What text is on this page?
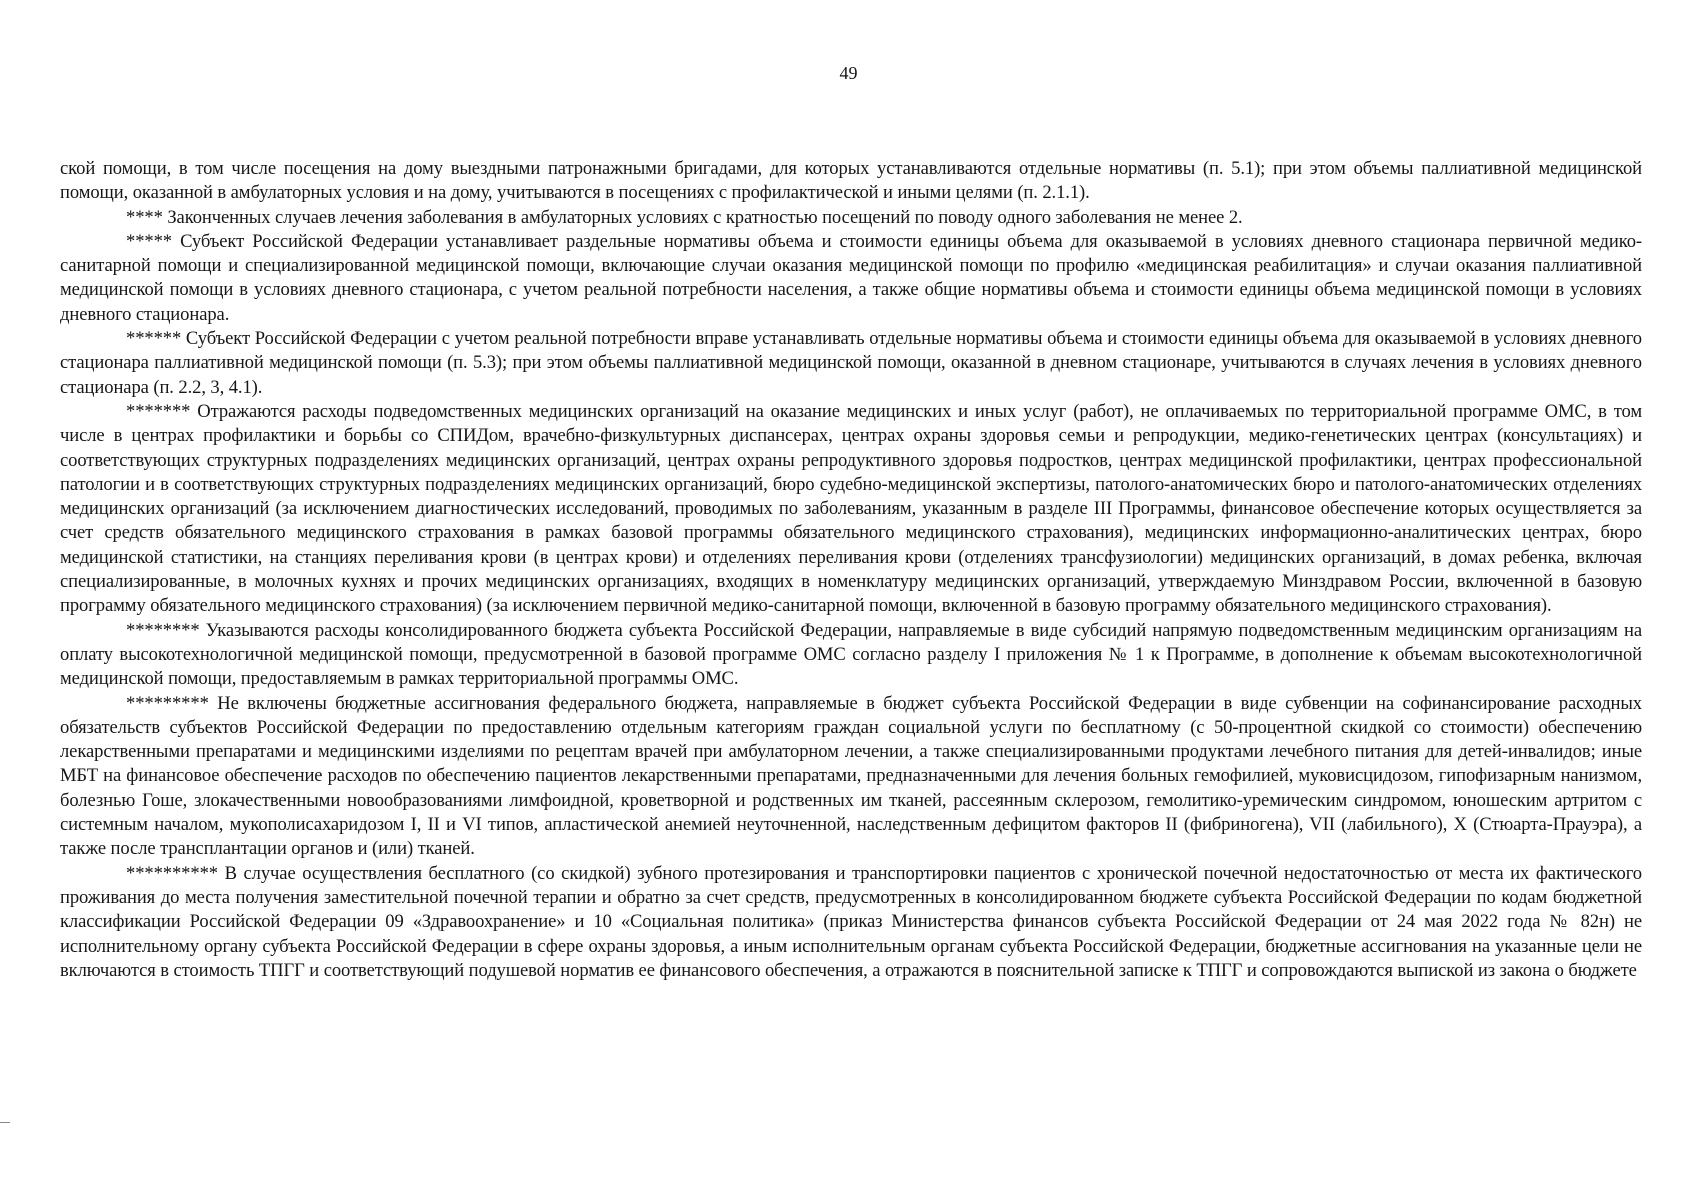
49

ской помощи, в том числе посещения на дому выездными патронажными бригадами, для которых устанавливаются отдельные нормативы (п. 5.1); при этом объемы паллиативной медицинской помощи, оказанной в амбулаторных условия и на дому, учитываются в посещениях с профилактической и иными целями (п. 2.1.1).

**** Законченных случаев лечения заболевания в амбулаторных условиях с кратностью посещений по поводу одного заболевания не менее 2.

***** Субъект Российской Федерации устанавливает раздельные нормативы объема и стоимости единицы объема для оказываемой в условиях дневного стационара первичной медико-санитарной помощи и специализированной медицинской помощи, включающие случаи оказания медицинской помощи по профилю «медицинская реабилитация» и случаи оказания паллиативной медицинской помощи в условиях дневного стационара, с учетом реальной потребности населения, а также общие нормативы объема и стоимости единицы объема медицинской помощи в условиях дневного стационара.

****** Субъект Российской Федерации с учетом реальной потребности вправе устанавливать отдельные нормативы объема и стоимости единицы объема для оказываемой в условиях дневного стационара паллиативной медицинской помощи (п. 5.3); при этом объемы паллиативной медицинской помощи, оказанной в дневном стационаре, учитываются в случаях лечения в условиях дневного стационара (п. 2.2, 3, 4.1).

******* Отражаются расходы подведомственных медицинских организаций на оказание медицинских и иных услуг (работ), не оплачиваемых по территориальной программе ОМС, в том числе в центрах профилактики и борьбы со СПИДом, врачебно-физкультурных диспансерах, центрах охраны здоровья семьи и репродукции, медико-генетических центрах (консультациях) и соответствующих структурных подразделениях медицинских организаций, центрах охраны репродуктивного здоровья подростков, центрах медицинской профилактики, центрах профессиональной патологии и в соответствующих структурных подразделениях медицинских организаций, бюро судебно-медицинской экспертизы, патолого-анатомических бюро и патолого-анатомических отделениях медицинских организаций (за исключением диагностических исследований, проводимых по заболеваниям, указанным в разделе III Программы, финансовое обеспечение которых осуществляется за счет средств обязательного медицинского страхования в рамках базовой программы обязательного медицинского страхования), медицинских информационно-аналитических центрах, бюро медицинской статистики, на станциях переливания крови (в центрах крови) и отделениях переливания крови (отделениях трансфузиологии) медицинских организаций, в домах ребенка, включая специализированные, в молочных кухнях и прочих медицинских организациях, входящих в номенклатуру медицинских организаций, утверждаемую Минздравом России, включенной в базовую программу обязательного медицинского страхования) (за исключением первичной медико-санитарной помощи, включенной в базовую программу обязательного медицинского страхования).

******** Указываются расходы консолидированного бюджета субъекта Российской Федерации, направляемые в виде субсидий напрямую подведомственным медицинским организациям на оплату высокотехнологичной медицинской помощи, предусмотренной в базовой программе ОМС согласно разделу I приложения № 1 к Программе, в дополнение к объемам высокотехнологичной медицинской помощи, предоставляемым в рамках территориальной программы ОМС.

********* Не включены бюджетные ассигнования федерального бюджета, направляемые в бюджет субъекта Российской Федерации в виде субвенции на софинансирование расходных обязательств субъектов Российской Федерации по предоставлению отдельным категориям граждан социальной услуги по бесплатному (с 50-процентной скидкой со стоимости) обеспечению лекарственными препаратами и медицинскими изделиями по рецептам врачей при амбулаторном лечении, а также специализированными продуктами лечебного питания для детей-инвалидов; иные МБТ на финансовое обеспечение расходов по обеспечению пациентов лекарственными препаратами, предназначенными для лечения больных гемофилией, муковисцидозом, гипофизарным нанизмом, болезнью Гоше, злокачественными новообразованиями лимфоидной, кроветворной и родственных им тканей, рассеянным склерозом, гемолитико-уремическим синдромом, юношеским артритом с системным началом, мукополисахаридозом I, II и VI типов, апластической анемией неуточненной, наследственным дефицитом факторов II (фибриногена), VII (лабильного), X (Стюарта-Прауэра), а также после трансплантации органов и (или) тканей.

********** В случае осуществления бесплатного (со скидкой) зубного протезирования и транспортировки пациентов с хронической почечной недостаточностью от места их фактического проживания до места получения заместительной почечной терапии и обратно за счет средств, предусмотренных в консолидированном бюджете субъекта Российской Федерации по кодам бюджетной классификации Российской Федерации 09 «Здравоохранение» и 10 «Социальная политика» (приказ Министерства финансов субъекта Российской Федерации от 24 мая 2022 года № 82н) не исполнительному органу субъекта Российской Федерации в сфере охраны здоровья, а иным исполнительным органам субъекта Российской Федерации, бюджетные ассигнования на указанные цели не включаются в стоимость ТПГГ и соответствующий подушевой норматив ее финансового обеспечения, а отражаются в пояснительной записке к ТПГГ и сопровождаются выпиской из закона о бюджете
